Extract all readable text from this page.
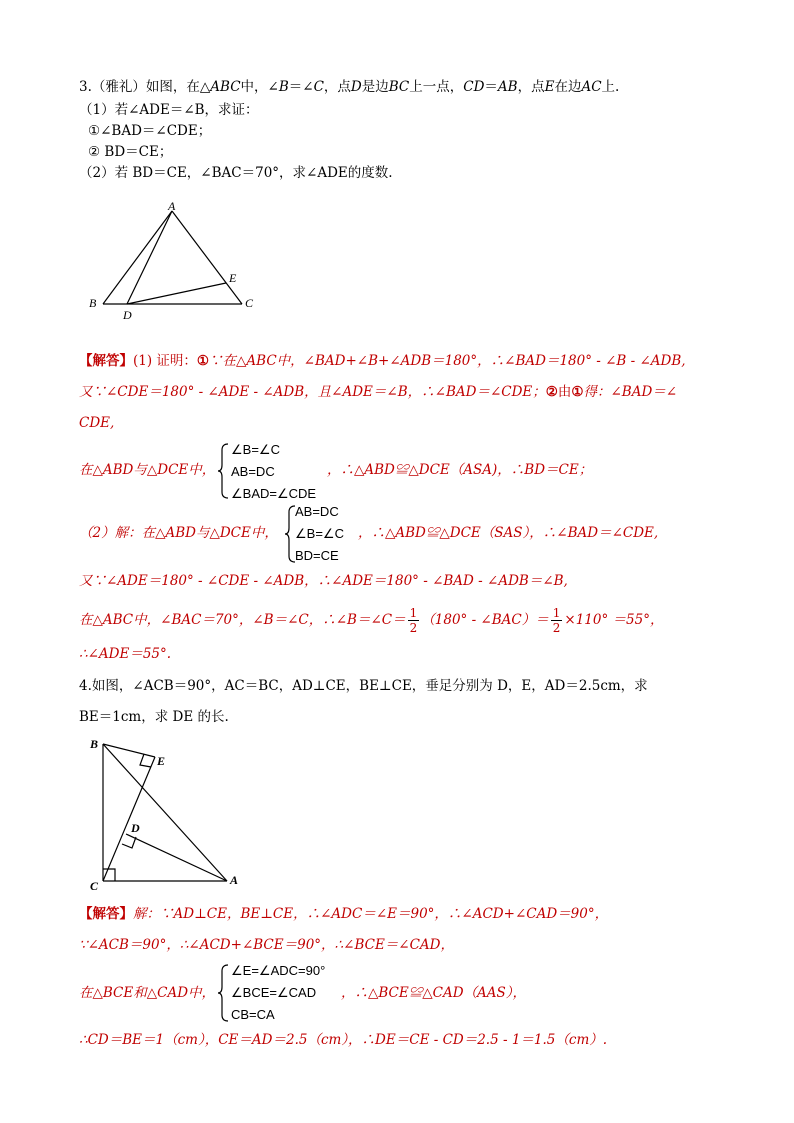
3.（雅礼）如图，在△ABC中，∠B＝∠C，点D是边BC上一点，CD＝AB，点E在边AC上.
（1）若∠ADE＝∠B，求证：
①∠BAD＝∠CDE；
② BD＝CE；
（2）若 BD＝CE，∠BAC＝70°，求∠ADE的度数.
A
B	C
D
E
【解答】(1) 证明：①∵在△ABC中，∠BAD+∠B+∠ADB＝180°，∴∠BAD＝180° - ∠B - ∠ADB,
又∵∠CDE＝180° - ∠ADE - ∠ADB，且∠ADE＝∠B，∴∠BAD＝∠CDE；②由①得：∠BAD＝∠
CDE,
在△ABD与△DCE中，
∠B=∠C
AB=DC
∠BAD=∠CDE
，∴△ABD≌△DCE（ASA)，∴BD＝CE；
（2）解：在△ABD与△DCE中，
AB=DC
∠B=∠C
BD=CE
，∴△ABD≌△DCE（SAS），∴∠BAD＝∠CDE,
又∵∠ADE＝180° - ∠CDE - ∠ADB，∴∠ADE＝180° - ∠BAD - ∠ADB＝∠B,
在△ABC中，∠BAC＝70°，∠B＝∠C，∴∠B＝∠C＝ $\frac{1}{2} (180^\circ$ - ∠BAC）＝ $\frac{1}{2} \times 110^\circ =55^\circ$，
∴∠ADE＝55°.
4.如图，∠ACB＝90°，AC＝BC，AD⊥CE，BE⊥CE，垂足分别为 D，E，AD＝2.5cm，求
BE＝1cm，求 DE 的长.
B
E
D
C	A
【解答】解：∵AD⊥CE，BE⊥CE，∴∠ADC＝∠E＝90°，∴∠ACD+∠CAD＝90°，
∵∠ACB＝90°，∴∠ACD+∠BCE＝90°，∴∠BCE＝∠CAD，
在△BCE和△CAD中，
∠E=∠ADC=90°
∠BCE=∠CAD
CB=CA
，∴△BCE≌△CAD（AAS），
∴CD＝BE＝1（cm），CE＝AD＝2.5（cm），∴DE＝CE - CD＝2.5 - 1＝1.5（cm）.
